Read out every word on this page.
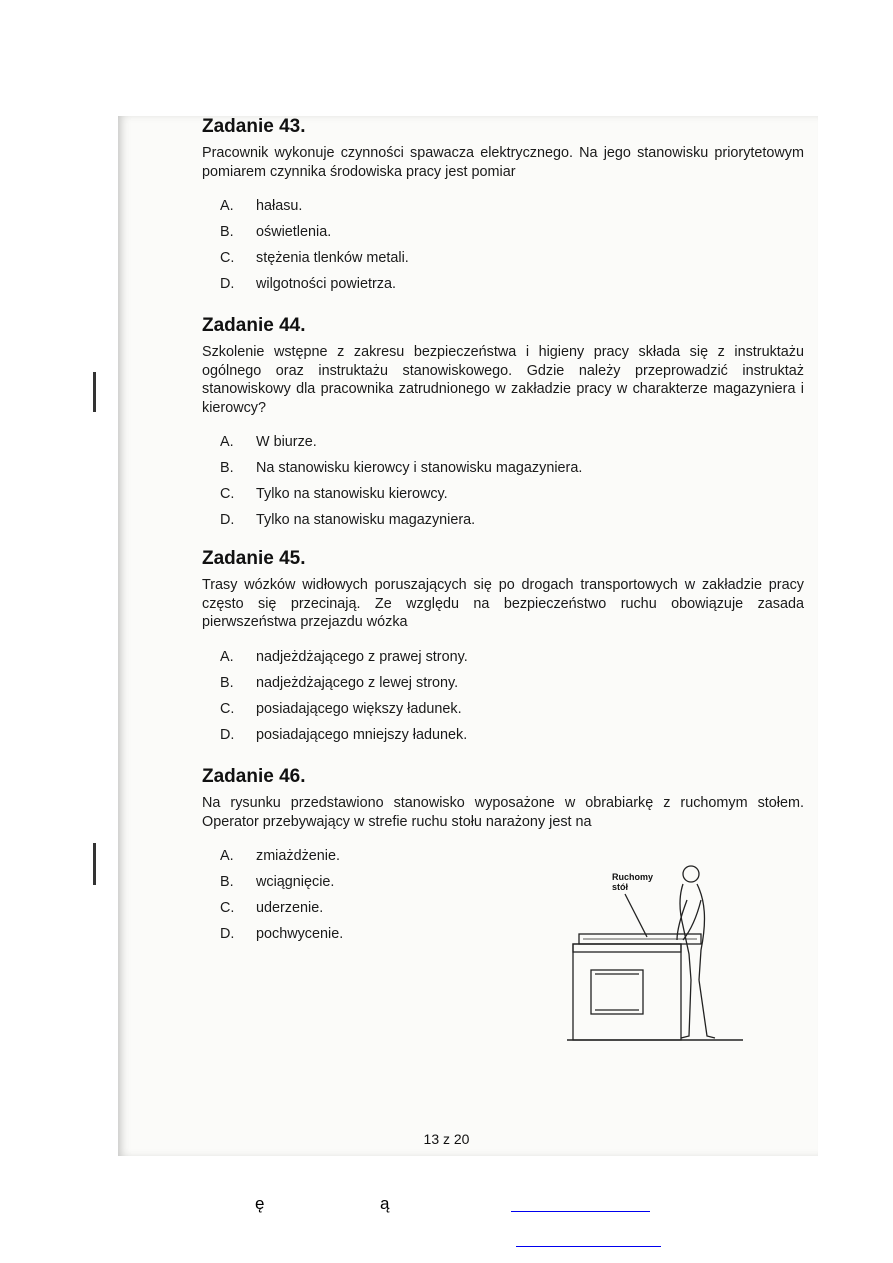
Zadanie 43.

Pracownik wykonuje czynności spawacza elektrycznego. Na jego stanowisku priorytetowym pomiarem czynnika środowiska pracy jest pomiar

A.	hałasu.
B.	oświetlenia.
C.	stężenia tlenków metali.
D.	wilgotności powietrza.
Zadanie 44.

Szkolenie wstępne z zakresu bezpieczeństwa i higieny pracy składa się z instruktażu ogólnego oraz instruktażu stanowiskowego. Gdzie należy przeprowadzić instruktaż stanowiskowy dla pracownika zatrudnionego w zakładzie pracy w charakterze magazyniera i kierowcy?

A.	W biurze.
B.	Na stanowisku kierowcy i stanowisku magazyniera.
C.	Tylko na stanowisku kierowcy.
D.	Tylko na stanowisku magazyniera.
Zadanie 45.

Trasy wózków widłowych poruszających się po drogach transportowych w zakładzie pracy często się przecinają. Ze względu na bezpieczeństwo ruchu obowiązuje zasada pierwszeństwa przejazdu wózka

A.	nadjeżdżającego z prawej strony.
B.	nadjeżdżającego z lewej strony.
C.	posiadającego większy ładunek.
D.	posiadającego mniejszy ładunek.
Zadanie 46.

Na rysunku przedstawiono stanowisko wyposażone w obrabiarkę z ruchomym stołem. Operator przebywający w strefie ruchu stołu narażony jest na

A.	zmiażdżenie.
B.	wciągnięcie.
C.	uderzenie.
D.	pochwycenie.
Ruchomy
stół
13 z 20
ę	ą
